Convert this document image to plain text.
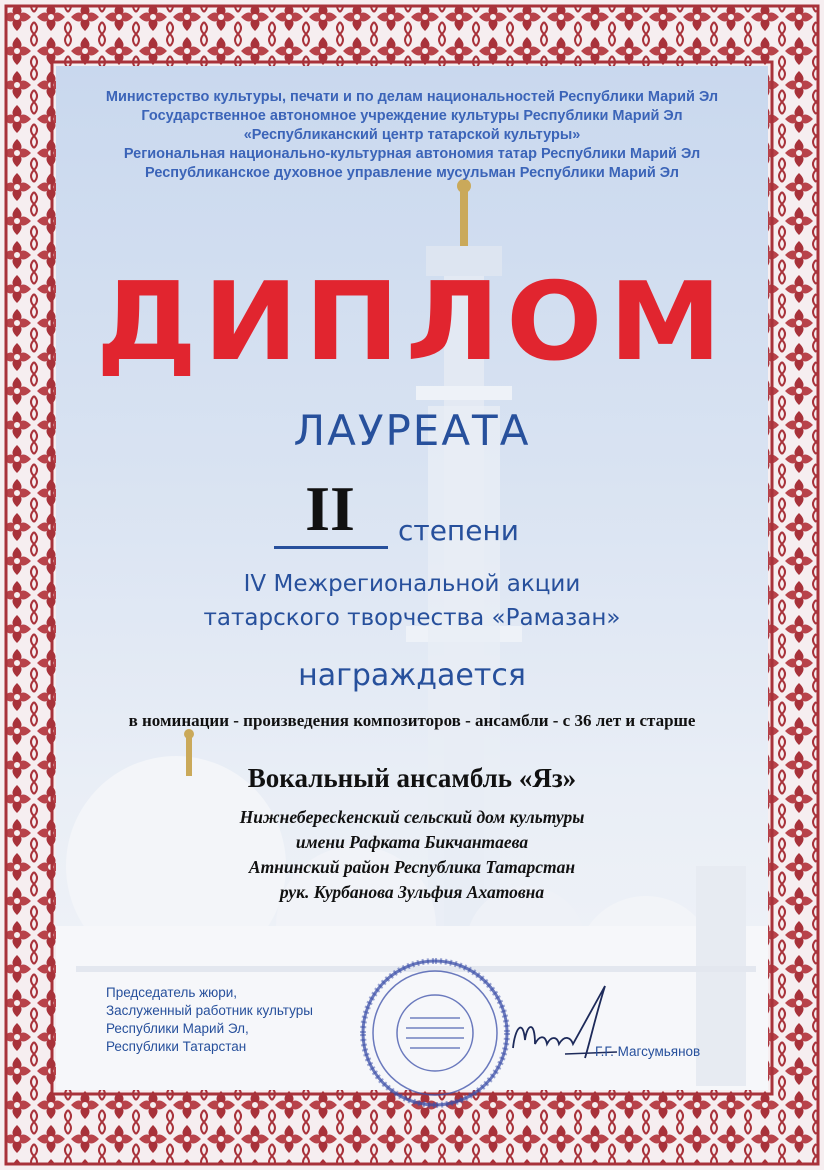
Министерство культуры, печати и по делам национальностей Республики Марий Эл
Государственное автономное учреждение культуры Республики Марий Эл
«Республиканский центр татарской культуры»
Региональная национально-культурная автономия татар Республики Марий Эл
Республиканское духовное управление мусульман Республики Марий Эл
ДИПЛОМ
ЛАУРЕАТА
II	степени
IV Межрегиональной акции
татарского творчества «Рамазан»
награждается
в номинации - произведения композиторов - ансамбли - с 36 лет и старше
Вокальный ансамбль «Яз»
Нижнебересkенский сельский дом культуры
имени Рафката Бикчантаева
Атнинский район Республика Татарстан
рук. Курбанова Зульфия Ахатовна
Председатель жюри,
Заслуженный работник культуры
Республики Марий Эл,
Республики Татарстан	Г.Г. Магсумьянов
